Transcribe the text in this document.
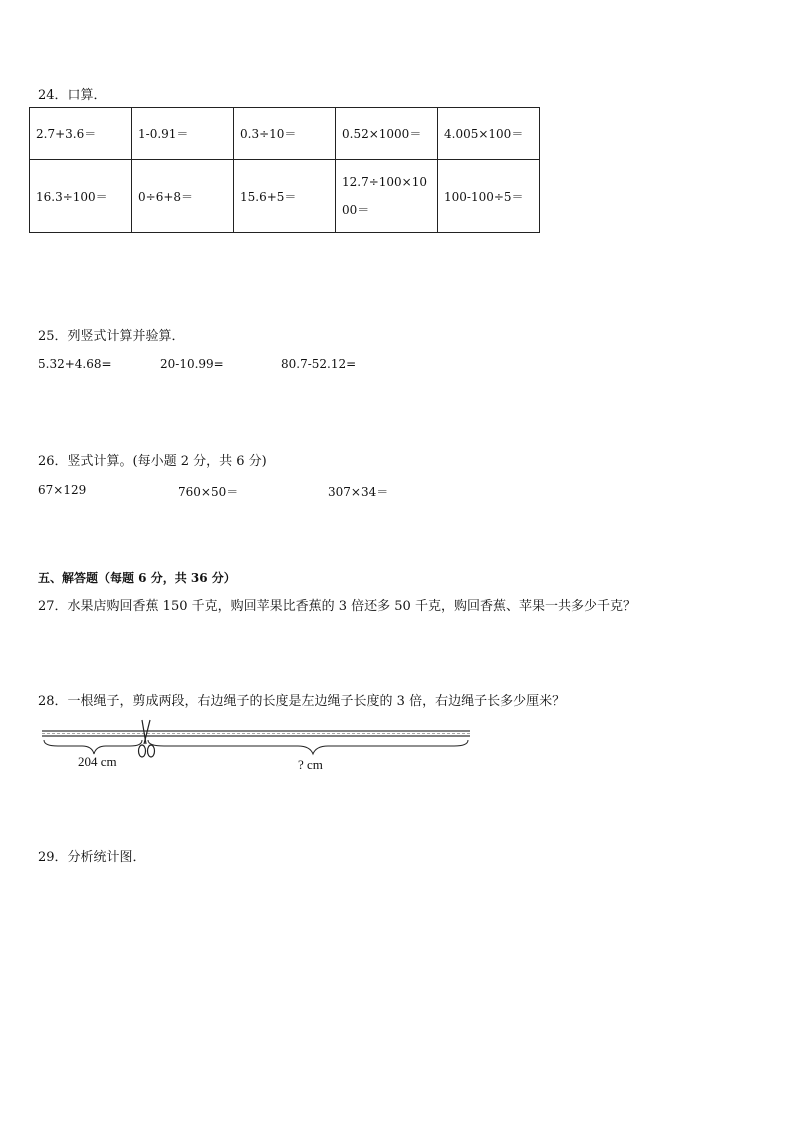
24．口算．
2.7+3.6＝	1-0.91＝	0.3÷10＝	0.52×1000＝	4.005×100＝
16.3÷100＝	0÷6+8＝	15.6+5＝	12.7÷100×1000＝	100-100÷5＝
25．列竖式计算并验算．
5.32+4.68=	20-10.99=	80.7-52.12=
26．竖式计算。(每小题 2 分，共 6 分)
67×129	760×50＝	307×34＝
五、解答题（每题 6 分，共 36 分）
27．水果店购回香蕉 150 千克，购回苹果比香蕉的 3 倍还多 50 千克，购回香蕉、苹果一共多少千克？
28．一根绳子，剪成两段，右边绳子的长度是左边绳子长度的 3 倍，右边绳子长多少厘米？
204 cm	? cm
29．分析统计图．
